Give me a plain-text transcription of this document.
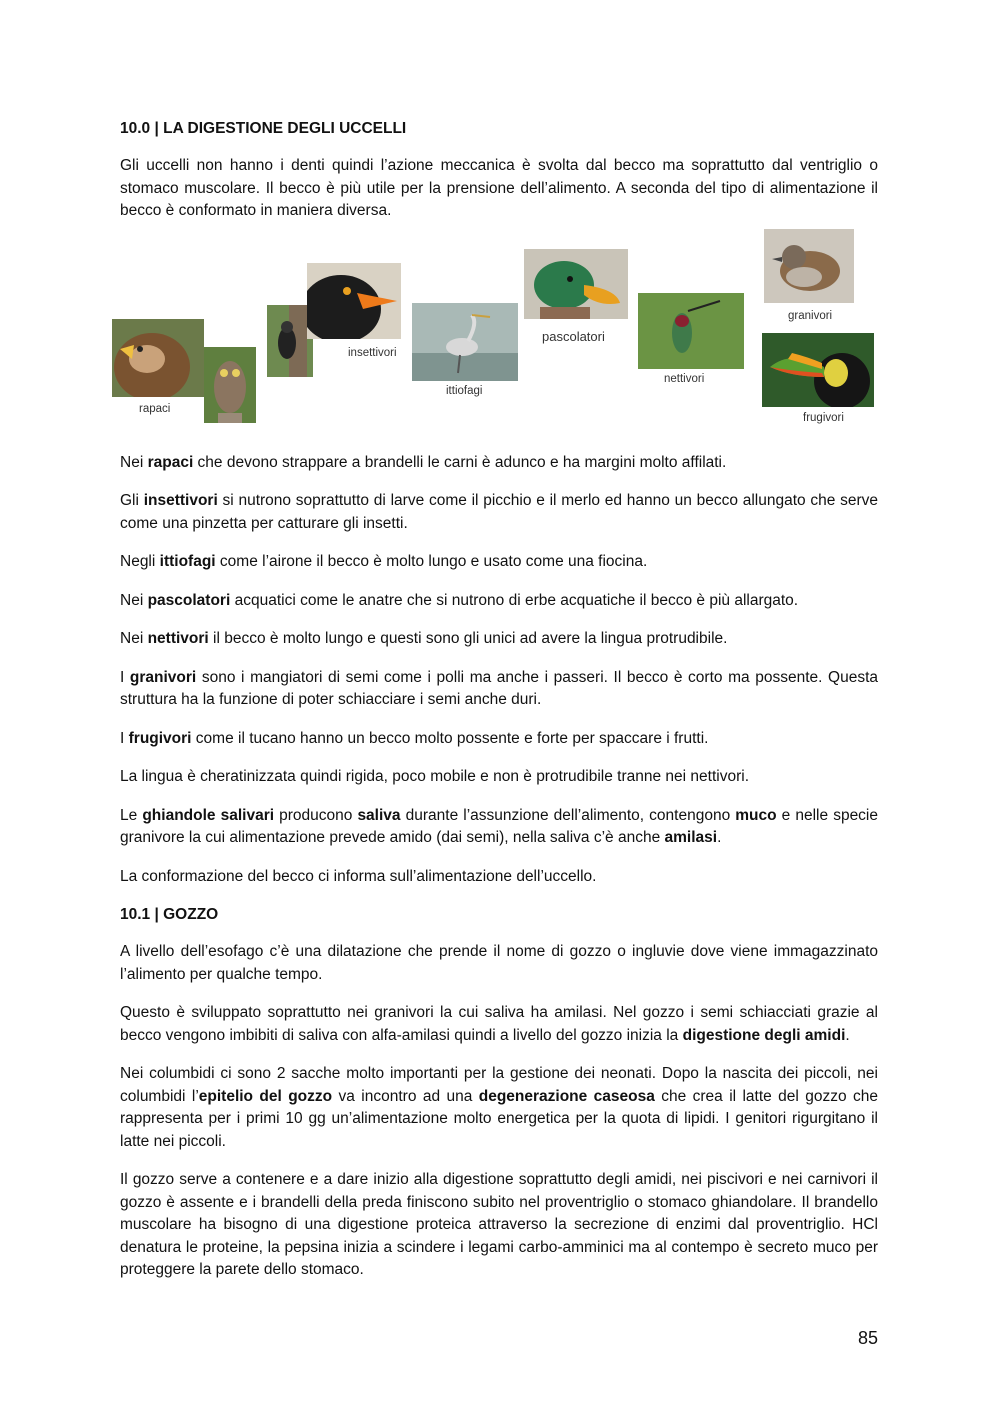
10.0 | LA DIGESTIONE DEGLI UCCELLI
Gli uccelli non hanno i denti quindi l’azione meccanica è svolta dal becco ma soprattutto dal ventriglio o stomaco muscolare. Il becco è più utile per la prensione dell’alimento. A seconda del tipo di alimentazione il becco è conformato in maniera diversa.
rapaci
insettivori
ittiofagi
pascolatori
nettivori
granivori
frugivori
Nei rapaci che devono strappare a brandelli le carni è adunco e ha margini molto affilati.
Gli insettivori si nutrono soprattutto di larve come il picchio e il merlo ed hanno un becco allungato che serve come una pinzetta per catturare gli insetti.
Negli ittiofagi come l’airone il becco è molto lungo e usato come una fiocina.
Nei pascolatori acquatici come le anatre che si nutrono di erbe acquatiche il becco è più allargato.
Nei nettivori il becco è molto lungo e questi sono gli unici ad avere la lingua protrudibile.
I granivori sono i mangiatori di semi come i polli ma anche i passeri. Il becco è corto ma possente. Questa struttura ha la funzione di poter schiacciare i semi anche duri.
I frugivori come il tucano hanno un becco molto possente e forte per spaccare i frutti.
La lingua è cheratinizzata quindi rigida, poco mobile e non è protrudibile tranne nei nettivori.
Le ghiandole salivari producono saliva durante l’assunzione dell’alimento, contengono muco e nelle specie granivore la cui alimentazione prevede amido (dai semi), nella saliva c’è anche amilasi.
La conformazione del becco ci informa sull’alimentazione dell’uccello.
10.1 | GOZZO
A livello dell’esofago c’è una dilatazione che prende il nome di gozzo o ingluvie dove viene immagazzinato l’alimento per qualche tempo.
Questo è sviluppato soprattutto nei granivori la cui saliva ha amilasi. Nel gozzo i semi schiacciati grazie al becco vengono imbibiti di saliva con alfa-amilasi quindi a livello del gozzo inizia la digestione degli amidi.
Nei columbidi ci sono 2 sacche molto importanti per la gestione dei neonati. Dopo la nascita dei piccoli, nei columbidi l’epitelio del gozzo va incontro ad una degenerazione caseosa che crea il latte del gozzo che rappresenta per i primi 10 gg un’alimentazione molto energetica per la quota di lipidi. I genitori rigurgitano il latte nei piccoli.
Il gozzo serve a contenere e a dare inizio alla digestione soprattutto degli amidi, nei piscivori e nei carnivori il gozzo è assente e i brandelli della preda finiscono subito nel proventriglio o stomaco ghiandolare. Il brandello muscolare ha bisogno di una digestione proteica attraverso la secrezione di enzimi dal proventriglio. HCl denatura le proteine, la pepsina inizia a scindere i legami carbo-amminici ma al contempo è secreto muco per proteggere la parete dello stomaco.
85
